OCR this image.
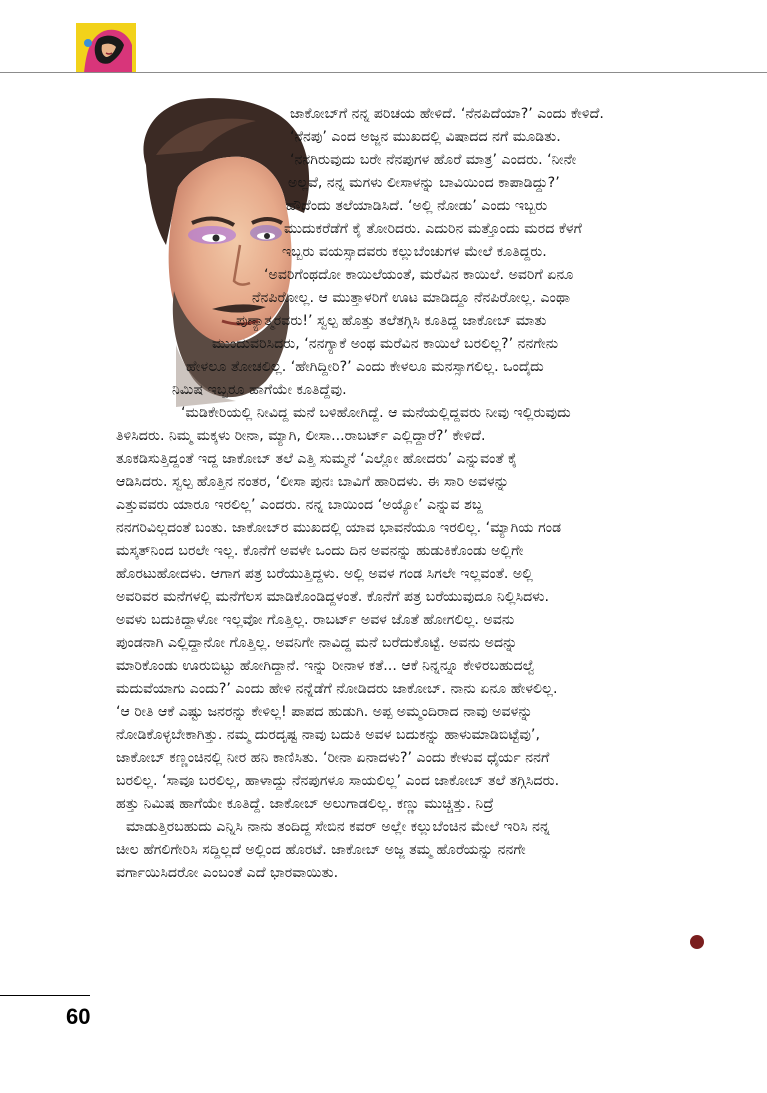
ಜಾಕೋಬ್‌ಗೆ ನನ್ನ ಪರಿಚಯ ಹೇಳಿದೆ. ‘ನೆನಪಿದೆಯಾ?’ ಎಂದು ಕೇಳಿದೆ.
‘ನೆನಪು’ ಎಂದ ಅಜ್ಜನ ಮುಖದಲ್ಲಿ ವಿಷಾದದ ನಗೆ ಮೂಡಿತು.
‘ನನಗಿರುವುದು ಬರೇ ನೆನಪುಗಳ ಹೊರೆ ಮಾತ್ರ’ ಎಂದರು. ‘ನೀನೇ
ಅಲ್ಲವೆ, ನನ್ನ ಮಗಳು ಲೀಸಾಳನ್ನು ಬಾವಿಯಿಂದ ಕಾಪಾಡಿದ್ದು?’
ಹೌದೆಂದು ತಲೆಯಾಡಿಸಿದೆ. ‘ಅಲ್ಲಿ ನೋಡು’ ಎಂದು ಇಬ್ಬರು
ಮುದುಕರೆಡೆಗೆ ಕೈ ತೋರಿದರು. ಎದುರಿನ ಮತ್ತೊಂದು ಮರದ ಕೆಳಗೆ
ಇಬ್ಬರು ವಯಸ್ಸಾದವರು ಕಲ್ಲುಬೆಂಚುಗಳ ಮೇಲೆ ಕೂತಿದ್ದರು.
‘ಅವರಿಗೆಂಥದೋ ಕಾಯಿಲೆಯಂತೆ, ಮರೆವಿನ ಕಾಯಿಲೆ. ಅವರಿಗೆ ಏನೂ
ನೆನಪಿರೋಲ್ಲ. ಆ ಮುತ್ತಾಳರಿಗೆ ಊಟ ಮಾಡಿದ್ದೂ ನೆನಪಿರೋಲ್ಲ. ಎಂಥಾ
ಪುಣ್ಯಾತ್ಮರವರು!’ ಸ್ವಲ್ಪ ಹೊತ್ತು ತಲೆತಗ್ಗಿಸಿ ಕೂತಿದ್ದ ಜಾಕೋಬ್ ಮಾತು
ಮುಂದುವರಿಸಿದರು, ‘ನನಗ್ಯಾಕೆ ಅಂಥ ಮರೆವಿನ ಕಾಯಿಲೆ ಬರಲಿಲ್ಲ?’ ನನಗೇನು
ಹೇಳಲೂ ತೋಚಲಿಲ್ಲ. ‘ಹೇಗಿದ್ದೀರಿ?’ ಎಂದು ಕೇಳಲೂ ಮನಸ್ಸಾಗಲಿಲ್ಲ. ಒಂದೈದು
ನಿಮಿಷ ಇಬ್ಬರೂ ಹಾಗೆಯೇ ಕೂತಿದ್ದೆವು.
‘ಮಡಿಕೇರಿಯಲ್ಲಿ ನೀವಿದ್ದ ಮನೆ ಬಳಿಹೋಗಿದ್ದೆ. ಆ ಮನೆಯಲ್ಲಿದ್ದವರು ನೀವು ಇಲ್ಲಿರುವುದು
ತಿಳಿಸಿದರು. ನಿಮ್ಮ ಮಕ್ಕಳು ರೀನಾ, ಮ್ಯಾಗಿ, ಲೀಸಾ...ರಾಬರ್ಟ್ ಎಲ್ಲಿದ್ದಾರೆ?’ ಕೇಳಿದೆ.
ತೂಕಡಿಸುತ್ತಿದ್ದಂತೆ ಇದ್ದ ಜಾಕೋಬ್ ತಲೆ ಎತ್ತಿ ಸುಮ್ಮನೆ ‘ಎಲ್ಲೋ ಹೋದರು’ ಎನ್ನುವಂತೆ ಕೈ
ಆಡಿಸಿದರು. ಸ್ವಲ್ಪ ಹೊತ್ತಿನ ನಂತರ, ‘ಲೀಸಾ ಪುನಃ ಬಾವಿಗೆ ಹಾರಿದಳು. ಈ ಸಾರಿ ಅವಳನ್ನು
ಎತ್ತುವವರು ಯಾರೂ ಇರಲಿಲ್ಲ’ ಎಂದರು. ನನ್ನ ಬಾಯಿಂದ ‘ಅಯ್ಯೋ’ ಎನ್ನುವ ಶಬ್ದ
ನನಗರಿವಿಲ್ಲದಂತೆ ಬಂತು. ಜಾಕೋಬ್‌ರ ಮುಖದಲ್ಲಿ ಯಾವ ಭಾವನೆಯೂ ಇರಲಿಲ್ಲ. ‘ಮ್ಯಾಗಿಯ ಗಂಡ
ಮಸ್ಕತ್‌ನಿಂದ ಬರಲೇ ಇಲ್ಲ. ಕೊನೆಗೆ ಅವಳೇ ಒಂದು ದಿನ ಅವನನ್ನು ಹುಡುಕಿಕೊಂಡು ಅಲ್ಲಿಗೇ
ಹೊರಟುಹೋದಳು. ಆಗಾಗ ಪತ್ರ ಬರೆಯುತ್ತಿದ್ದಳು. ಅಲ್ಲಿ ಅವಳ ಗಂಡ ಸಿಗಲೇ ಇಲ್ಲವಂತೆ. ಅಲ್ಲಿ
ಅವರಿವರ ಮನೆಗಳಲ್ಲಿ ಮನೆಗೆಲಸ ಮಾಡಿಕೊಂಡಿದ್ದಳಂತೆ. ಕೊನೆಗೆ ಪತ್ರ ಬರೆಯುವುದೂ ನಿಲ್ಲಿಸಿದಳು.
ಅವಳು ಬದುಕಿದ್ದಾಳೋ ಇಲ್ಲವೋ ಗೊತ್ತಿಲ್ಲ. ರಾಬರ್ಟ್ ಅವಳ ಜೊತೆ ಹೋಗಲಿಲ್ಲ. ಅವನು
ಪುಂಡನಾಗಿ ಎಲ್ಲಿದ್ದಾನೋ ಗೊತ್ತಿಲ್ಲ. ಅವನಿಗೇ ನಾವಿದ್ದ ಮನೆ ಬರೆದುಕೊಟ್ಟೆ. ಅವನು ಅದನ್ನು
ಮಾರಿಕೊಂಡು ಊರುಬಿಟ್ಟು ಹೋಗಿದ್ದಾನೆ. ಇನ್ನು ರೀನಾಳ ಕತೆ... ಆಕೆ ನಿನ್ನನ್ನೂ ಕೇಳಿರಬಹುದಲ್ವೆ
ಮದುವೆಯಾಗು ಎಂದು?’ ಎಂದು ಹೇಳಿ ನನ್ನೆಡೆಗೆ ನೋಡಿದರು ಜಾಕೋಬ್. ನಾನು ಏನೂ ಹೇಳಲಿಲ್ಲ.
‘ಆ ರೀತಿ ಆಕೆ ಎಷ್ಟು ಜನರನ್ನು ಕೇಳಿಲ್ಲ! ಪಾಪದ ಹುಡುಗಿ. ಅಪ್ಪ ಅಮ್ಮಂದಿರಾದ ನಾವು ಅವಳನ್ನು
ನೋಡಿಕೊಳ್ಳಬೇಕಾಗಿತ್ತು. ನಮ್ಮ ದುರದೃಷ್ಟ ನಾವು ಬದುಕಿ ಅವಳ ಬದುಕನ್ನು ಹಾಳುಮಾಡಿಬಿಟ್ಟೆವು’,
ಜಾಕೋಬ್ ಕಣ್ಣಂಚಿನಲ್ಲಿ ನೀರ ಹನಿ ಕಾಣಿಸಿತು. ‘ರೀನಾ ಏನಾದಳು?’ ಎಂದು ಕೇಳುವ ಧೈರ್ಯ ನನಗೆ
ಬರಲಿಲ್ಲ. ‘ಸಾವೂ ಬರಲಿಲ್ಲ, ಹಾಳಾದ್ದು ನೆನಪುಗಳೂ ಸಾಯಲಿಲ್ಲ’ ಎಂದ ಜಾಕೋಬ್ ತಲೆ ತಗ್ಗಿಸಿದರು.
ಹತ್ತು ನಿಮಿಷ ಹಾಗೆಯೇ ಕೂತಿದ್ದೆ. ಜಾಕೋಬ್ ಅಲುಗಾಡಲಿಲ್ಲ. ಕಣ್ಣು ಮುಚ್ಚಿತ್ತು. ನಿದ್ರೆ
ಮಾಡುತ್ತಿರಬಹುದು ಎನ್ನಿಸಿ ನಾನು ತಂದಿದ್ದ ಸೇಬಿನ ಕವರ್ ಅಲ್ಲೇ ಕಲ್ಲುಬೆಂಚಿನ ಮೇಲೆ ಇರಿಸಿ ನನ್ನ
ಚೀಲ ಹೆಗಲಿಗೇರಿಸಿ ಸದ್ದಿಲ್ಲದೆ ಅಲ್ಲಿಂದ ಹೊರಟೆ. ಜಾಕೋಬ್ ಅಜ್ಜ ತಮ್ಮ ಹೊರೆಯನ್ನು ನನಗೇ
ವರ್ಗಾಯಿಸಿದರೋ ಎಂಬಂತೆ ಎದೆ ಭಾರವಾಯಿತು.
60
